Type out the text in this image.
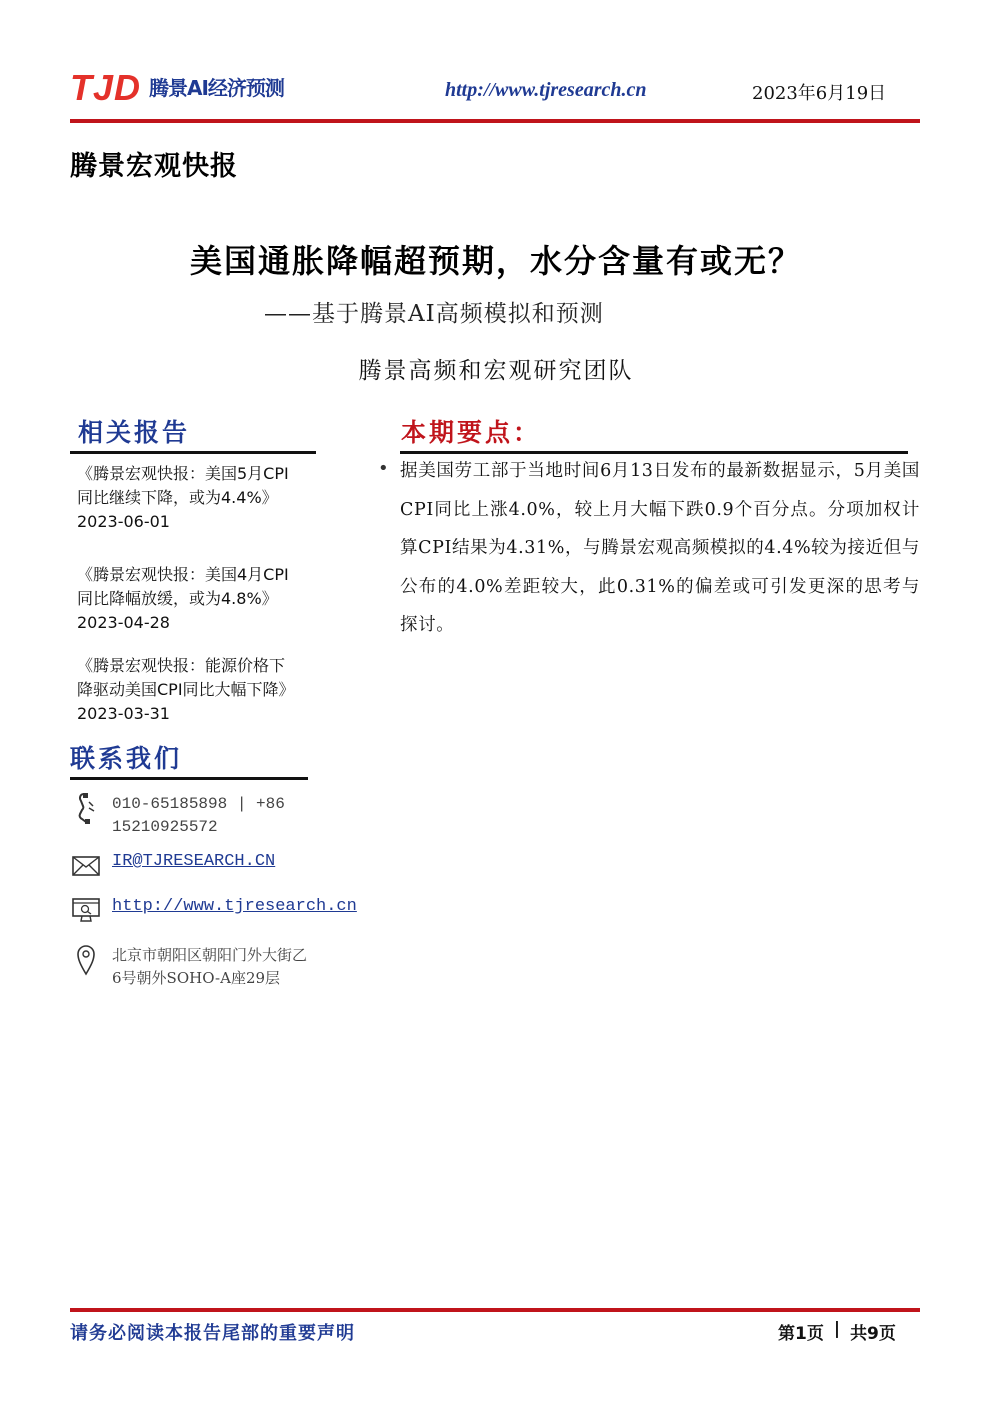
TJD 腾景AI经济预测	http://www.tjresearch.cn	2023年6月19日
腾景宏观快报
美国通胀降幅超预期，水分含量有或无？
——基于腾景AI高频模拟和预测
腾景高频和宏观研究团队
相关报告
《腾景宏观快报：美国5月CPI
同比继续下降，或为4.4%》
2023-06-01
《腾景宏观快报：美国4月CPI
同比降幅放缓，或为4.8%》
2023-04-28
《腾景宏观快报：能源价格下
降驱动美国CPI同比大幅下降》
2023-03-31
联系我们
010-65185898 | +86
15210925572
IR@TJRESEARCH.CN
http://www.tjresearch.cn
北京市朝阳区朝阳门外大街乙
6号朝外SOHO-A座29层
本期要点：
• 据美国劳工部于当地时间6月13日发布的最新数据显示，5月美国CPI同比上涨4.0%，较上月大幅下跌0.9个百分点。分项加权计算CPI结果为4.31%，与腾景宏观高频模拟的4.4%较为接近但与公布的4.0%差距较大，此0.31%的偏差或可引发更深的思考与探讨。
请务必阅读本报告尾部的重要声明	第1页 | 共9页
